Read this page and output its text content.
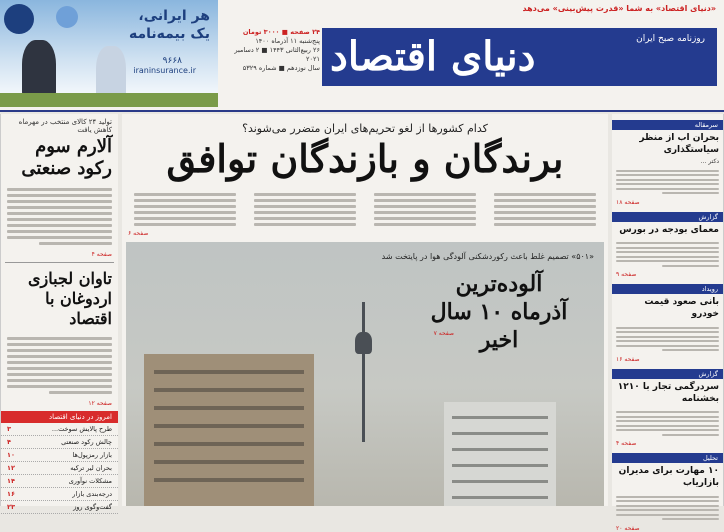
هر ایرانی،
یک بیمه‌نامه
۹۶۶۸
iraninsurance.ir
۲۴ صفحه ■ ۳۰۰۰ تومان
پنج‌شنبه ۱۱ آذرماه ۱۴۰۰
۲۶ ربیع‌الثانی ۱۴۴۳ ■ ۲ دسامبر ۲۰۲۱
سال نوزدهم ■ شماره ۵۳۲۹
«دنیای اقتصاد» به شما «قدرت پیش‌بینی» می‌دهد
روزنامه صبح ایران
دنیای اقتصاد
تولید ۲۴ کالای منتخب در مهرماه کاهش یافت
آلارم سوم رکود صنعتی
صفحه ۴
تاوان لجبازی اردوغان با اقتصاد
صفحه ۱۲
امروز در دنیای اقتصاد
طرح پالایش سوخت...
۳
چالش رکود صنعتی
۴
بازار رمزپول‌ها
۱۰
بحران لیر ترکیه
۱۲
مشکلات نوآوری
۱۴
درجه‌بندی بازار
۱۶
گفت‌وگوی روز
۲۳
کدام کشورها از لغو تحریم‌های ایران متضرر می‌شوند؟
برندگان و بازندگان توافق
صفحه ۶
«۵۰۱» تصمیم غلط باعث رکوردشکنی آلودگی هوا در پایتخت شد
آلوده‌ترین آذرماه ۱۰ سال اخیر
صفحه ۷
سرمقاله
بحران اب از منظر سیاستگذاری
دکتر ...
صفحه ۱۸
گزارش
معمای بودجه در بورس
صفحه ۹
رویداد
بانی صعود قیمت خودرو
صفحه ۱۶
گزارش
سردرگمی تجار با ۱۲۱۰ بخشنامه
صفحه ۴
تحلیل
۱۰ مهارت برای مدیران بازاریاب
صفحه ۲۰
